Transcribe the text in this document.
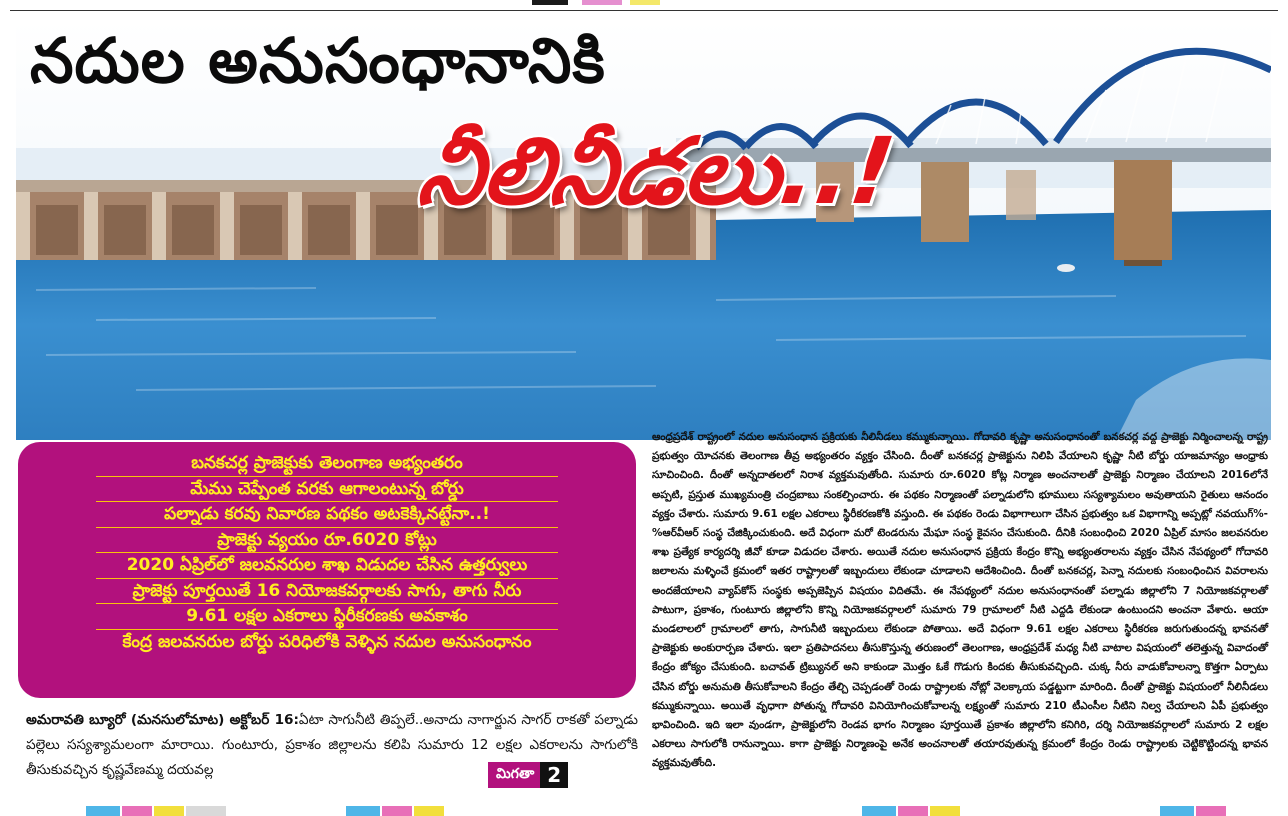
నదుల అనుసంధానానికి
నీలినీడలు..!
బనకచర్ల ప్రాజెక్టుకు తెలంగాణ అభ్యంతరం
మేము చెప్పేంత వరకు ఆగాలంటున్న బోర్డు
పల్నాడు కరవు నివారణ పథకం అటకెక్కినట్టేనా..!
ప్రాజెక్టు వ్యయం రూ.6020 కోట్లు
2020 ఏప్రిల్‌లో జలవనరుల శాఖ విడుదల చేసిన ఉత్తర్వులు
ప్రాజెక్టు పూర్తయితే 16 నియోజకవర్గాలకు సాగు, తాగు నీరు
9.61 లక్షల ఎకరాలు స్థిరీకరణకు అవకాశం
కేంద్ర జలవనరుల బోర్డు పరిధిలోకి వెళ్ళిన నదుల అనుసంధానం
అమరావతి బ్యూరో (మనసులోమాట) అక్టోబర్ 16:ఏటా సాగునీటి తిప్పలే..అనాదు నాగార్జున సాగర్ రాకతో పల్నాడు పల్లెలు సస్యశ్యామలంగా మారాయి. గుంటూరు, ప్రకాశం జిల్లాలను కలిపి సుమారు 12 లక్షల ఎకరాలను సాగులోకి తీసుకువచ్చిన కృష్ణవేణమ్మ దయవల్ల	మిగతా 2
ఆంధ్రప్రదేశ్ రాష్ట్రంలో నదుల అనుసంధాన ప్రక్రియకు నీలినీడలు కమ్ముకున్నాయి. గోదావరి కృష్ణా అనుసంధానంతో బనకచర్ల వద్ద ప్రాజెక్టు నిర్మించాలన్న రాష్ట్ర ప్రభుత్వం యోచనకు తెలంగాణ తీవ్ర అభ్యంతరం వ్యక్తం చేసింది. దీంతో బనకచర్ల ప్రాజెక్టును నిలిపి వేయాలని కృష్ణా నీటి బోర్డు యాజమాన్యం ఆంధ్రాకు సూచించింది. దీంతో అన్నదాతలలో నిరాశ వ్యక్తమవుతోంది. సుమారు రూ.6020 కోట్ల నిర్మాణ అంచనాలతో ప్రాజెక్టు నిర్మాణం చేయాలని 2016లోనే అప్పటి, ప్రస్తుత ముఖ్యమంత్రి చంద్రబాబు సంకల్పించారు. ఈ పథకం నిర్మాణంతో పల్నాడులోని భూములు సస్యశ్యామలం అవుతాయని రైతులు ఆనందం వ్యక్తం చేశారు. సుమారు 9.61 లక్షల ఎకరాలు స్థిరీకరణకోకి వస్తుంది. ఈ పథకం రెండు విభాగాలుగా చేసిన ప్రభుత్వం ఒక విభాగాన్ని అప్పట్లో నవయుగ్%-%ఆర్‌వీఆర్ సంస్థ చేజిక్కించుకుంది. అదే విధంగా మరో టెండరును మేఘా సంస్థ కైవసం చేసుకుంది. దీనికి సంబంధించి 2020 ఏప్రిల్ మాసం జలవనరుల శాఖ ప్రత్యేక కార్యదర్శి జీవో కూడా విడుదల చేశారు. అయితే నదుల అనుసంధాన ప్రక్రియ కేంద్రం కొన్ని అభ్యంతరాలను వ్యక్తం చేసిన నేపథ్యంలో గోదావరి జలాలను మళ్ళించే క్రమంలో ఇతర రాష్ట్రాలతో ఇబ్బందులు లేకుండా చూడాలని ఆదేశించింది. దీంతో బనకచర్ల, పెన్నా నదులకు సంబంధించిన వివరాలను అందజేయాలని వ్యాప్‌కోస్ సంస్థకు అప్పజెప్పిన విషయం విదితమే. ఈ నేపథ్యంలో నదుల అనుసంధానంతో పల్నాడు జిల్లాలోని 7 నియోజకవర్గాలతో పాటుగా, ప్రకాశం, గుంటూరు జిల్లాలోని కొన్ని నియోజకవర్గాలలో సుమారు 79 గ్రామాలలో నీటి ఎద్దడి లేకుండా ఉంటుందని అంచనా వేశారు. ఆయా మండలాలలో గ్రామాలలో తాగు, సాగునీటి ఇబ్బందులు లేకుండా పోతాయి. అదే విధంగా 9.61 లక్షల ఎకరాలు స్థిరీకరణ జరుగుతుందన్న భావనతో ప్రాజెక్టుకు అంకురార్పణ చేశారు. ఇలా ప్రతిపాదనలు తీసుకొస్తున్న తరుణంలో తెలంగాణ, ఆంధ్రప్రదేశ్ మధ్య నీటి వాటాల విషయంలో తలెత్తున్న వివాదంతో కేంద్రం జోక్యం చేసుకుంది. బచావత్ ట్రిబ్యునల్ అని కాకుండా మొత్తం ఓకే గొడుగు కిందకు తీసుకువచ్చింది. చుక్క నీరు వాడుకోవాలన్నా కొత్తగా ఏర్పాటు చేసిన బోర్డు అనుమతి తీసుకోవాలని కేంద్రం తేల్చి చెప్పడంతో రెండు రాష్ట్రాలకు నోట్లో వెలక్కాయ పడ్డట్టుగా మారింది. దీంతో ప్రాజెక్టు విషయంలో నీలినీడలు కమ్ముకున్నాయి. అయితే వృధాగా పోతున్న గోదావరి వినియోగించుకోవాలన్న లక్ష్యంతో సుమారు 210 టీఎంసీల నీటిని నిల్వ చేయాలని ఏపీ ప్రభుత్వం భావించింది. ఇది ఇలా వుండగా, ప్రాజెక్టులోని రెండవ భాగం నిర్మాణం పూర్తయితే ప్రకాశం జిల్లాలోని కనిగిరి, దర్శి నియోజకవర్గాలలో సుమారు 2 లక్షల ఎకరాలు సాగులోకి రానున్నాయి. కాగా ప్రాజెక్టు నిర్మాణంపై అనేక అంచనాలతో తయారవుతున్న క్రమంలో కేంద్రం రెండు రాష్ట్రాలకు చెట్టికొట్టిందన్న భావన వ్యక్తమవుతోంది.
